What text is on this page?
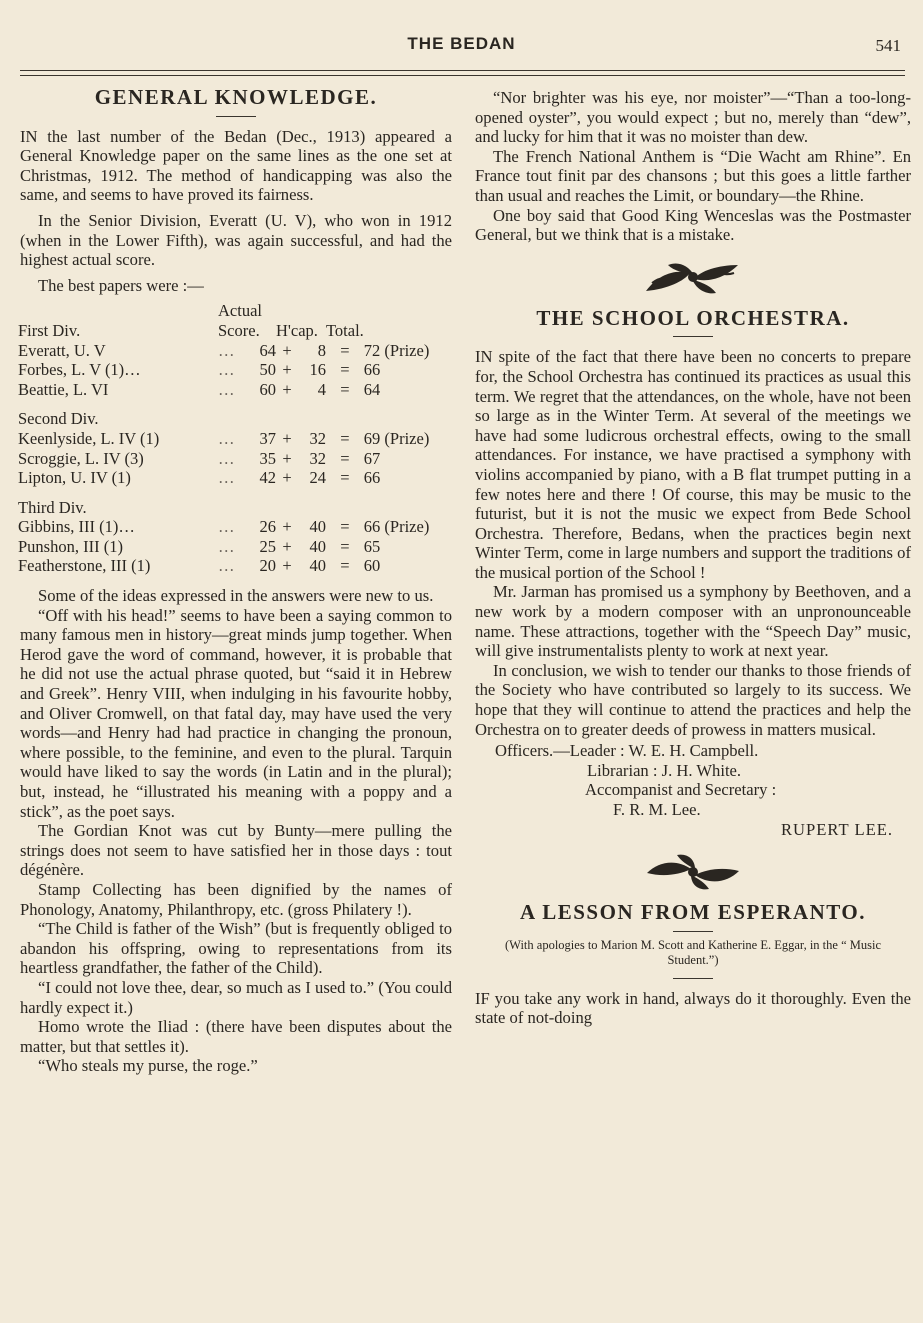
THE BEDAN	541
GENERAL KNOWLEDGE.

IN the last number of the Bedan (Dec., 1913) appeared a General Knowledge paper on the same lines as the one set at Christmas, 1912. The method of handicapping was also the same, and seems to have proved its fairness.

In the Senior Division, Everatt (U. V), who won in 1912 (when in the Lower Fifth), was again successful, and had the highest actual score.

The best papers were :—

	Actual					
First Div.	Score.		H'cap.		Total.	
Everatt, U. V	…	64	+	8	=	72 (Prize)
Forbes, L. V (1)…	…	50	+	16	=	66
Beattie, L. VI	…	60	+	4	=	64
Second Div.						
Keenlyside, L. IV (1)	…	37	+	32	=	69 (Prize)
Scroggie, L. IV (3)	…	35	+	32	=	67
Lipton, U. IV (1)	…	42	+	24	=	66
Third Div.						
Gibbins, III (1)…	…	26	+	40	=	66 (Prize)
Punshon, III (1)	…	25	+	40	=	65
Featherstone, III (1)	…	20	+	40	=	60

Some of the ideas expressed in the answers were new to us.

“Off with his head!” seems to have been a saying common to many famous men in history—great minds jump together. When Herod gave the word of command, however, it is probable that he did not use the actual phrase quoted, but “said it in Hebrew and Greek”. Henry VIII, when indulging in his favourite hobby, and Oliver Cromwell, on that fatal day, may have used the very words—and Henry had had practice in changing the pronoun, where possible, to the feminine, and even to the plural. Tarquin would have liked to say the words (in Latin and in the plural); but, instead, he “illustrated his meaning with a poppy and a stick”, as the poet says.

The Gordian Knot was cut by Bunty—mere pulling the strings does not seem to have satisfied her in those days : tout dégénère.

Stamp Collecting has been dignified by the names of Phonology, Anatomy, Philanthropy, etc. (gross Philatery !).

“The Child is father of the Wish” (but is frequently obliged to abandon his offspring, owing to representations from its heartless grandfather, the father of the Child).

“I could not love thee, dear, so much as I used to.” (You could hardly expect it.)

Homo wrote the Iliad : (there have been disputes about the matter, but that settles it).

“Who steals my purse, the roge.”

“Nor brighter was his eye, nor moister”—“Than a too-long-opened oyster”, you would expect ; but no, merely than “dew”, and lucky for him that it was no moister than dew.

The French National Anthem is “Die Wacht am Rhine”. En France tout finit par des chansons ; but this goes a little farther than usual and reaches the Limit, or boundary—the Rhine.

One boy said that Good King Wenceslas was the Postmaster General, but we think that is a mistake.

THE SCHOOL ORCHESTRA.

IN spite of the fact that there have been no concerts to prepare for, the School Orchestra has continued its practices as usual this term. We regret that the attendances, on the whole, have not been so large as in the Winter Term. At several of the meetings we have had some ludicrous orchestral effects, owing to the small attendances. For instance, we have practised a symphony with violins accompanied by piano, with a B flat trumpet putting in a few notes here and there ! Of course, this may be music to the futurist, but it is not the music we expect from Bede School Orchestra. Therefore, Bedans, when the practices begin next Winter Term, come in large numbers and support the traditions of the musical portion of the School !

Mr. Jarman has promised us a symphony by Beethoven, and a new work by a modern composer with an unpronounceable name. These attractions, together with the “Speech Day” music, will give instrumentalists plenty to work at next year.

In conclusion, we wish to tender our thanks to those friends of the Society who have contributed so largely to its success. We hope that they will continue to attend the practices and help the Orchestra on to greater deeds of prowess in matters musical.

Officers.—Leader : W. E. H. Campbell.
Librarian : J. H. White.
Accompanist and Secretary :
F. R. M. Lee.
RUPERT LEE.
A LESSON FROM ESPERANTO.
(With apologies to Marion M. Scott and Katherine E. Eggar, in the “ Music Student.”)

IF you take any work in hand, always do it thoroughly. Even the state of not-doing
